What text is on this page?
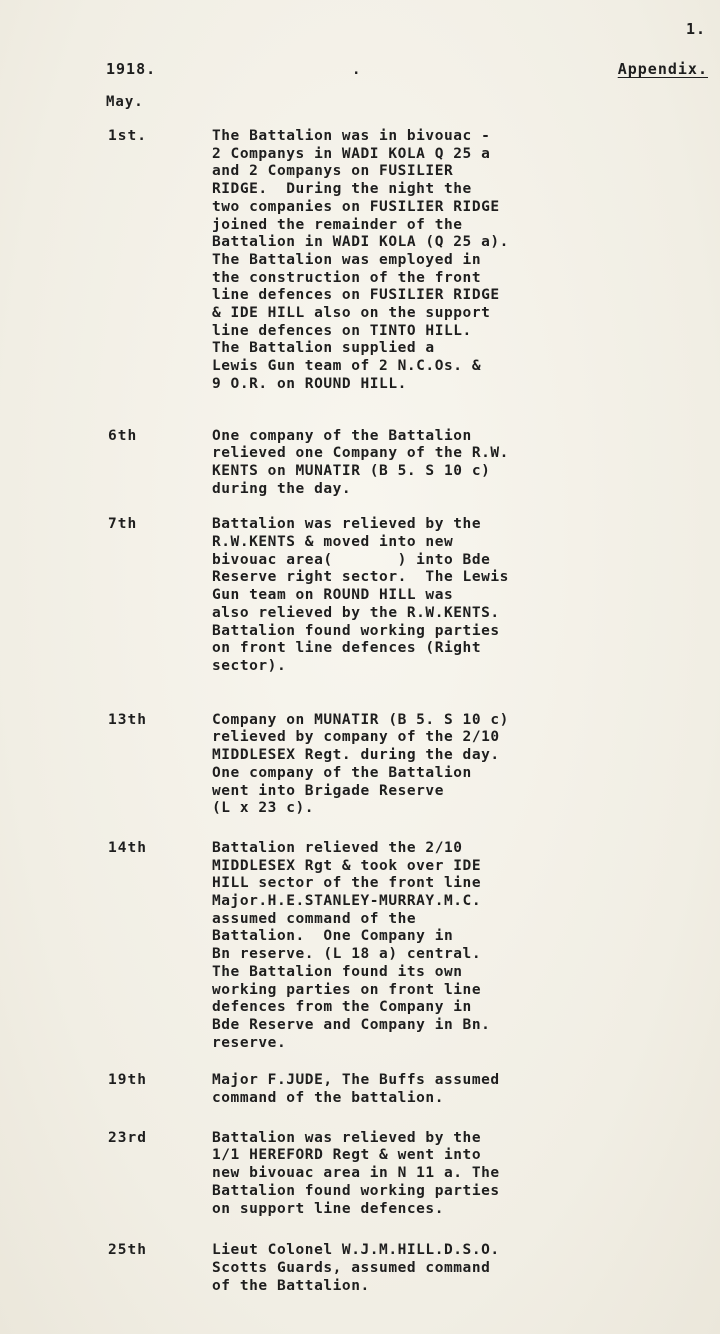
1.
1918.	.	Appendix.
May.
1st.	The Battalion was in bivouac -
2 Companys in WADI KOLA Q 25 a
and 2 Companys on FUSILIER
RIDGE.  During the night the
two companies on FUSILIER RIDGE
joined the remainder of the
Battalion in WADI KOLA (Q 25 a).
The Battalion was employed in
the construction of the front
line defences on FUSILIER RIDGE
& IDE HILL also on the support
line defences on TINTO HILL.
The Battalion supplied a
Lewis Gun team of 2 N.C.Os. &
9 O.R. on ROUND HILL.
6th	One company of the Battalion
relieved one Company of the R.W.
KENTS on MUNATIR (B 5. S 10 c)
during the day.
7th	Battalion was relieved by the
R.W.KENTS & moved into new
bivouac area(       ) into Bde
Reserve right sector.  The Lewis
Gun team on ROUND HILL was
also relieved by the R.W.KENTS.
Battalion found working parties
on front line defences (Right
sector).
13th	Company on MUNATIR (B 5. S 10 c)
relieved by company of the 2/10
MIDDLESEX Regt. during the day.
One company of the Battalion
went into Brigade Reserve
(L x 23 c).
14th	Battalion relieved the 2/10
MIDDLESEX Rgt & took over IDE
HILL sector of the front line
Major.H.E.STANLEY-MURRAY.M.C.
assumed command of the
Battalion.  One Company in
Bn reserve. (L 18 a) central.
The Battalion found its own
working parties on front line
defences from the Company in
Bde Reserve and Company in Bn.
reserve.
19th	Major F.JUDE, The Buffs assumed
command of the battalion.
23rd	Battalion was relieved by the
1/1 HEREFORD Regt & went into
new bivouac area in N 11 a. The
Battalion found working parties
on support line defences.
25th	Lieut Colonel W.J.M.HILL.D.S.O.
Scotts Guards, assumed command
of the Battalion.
